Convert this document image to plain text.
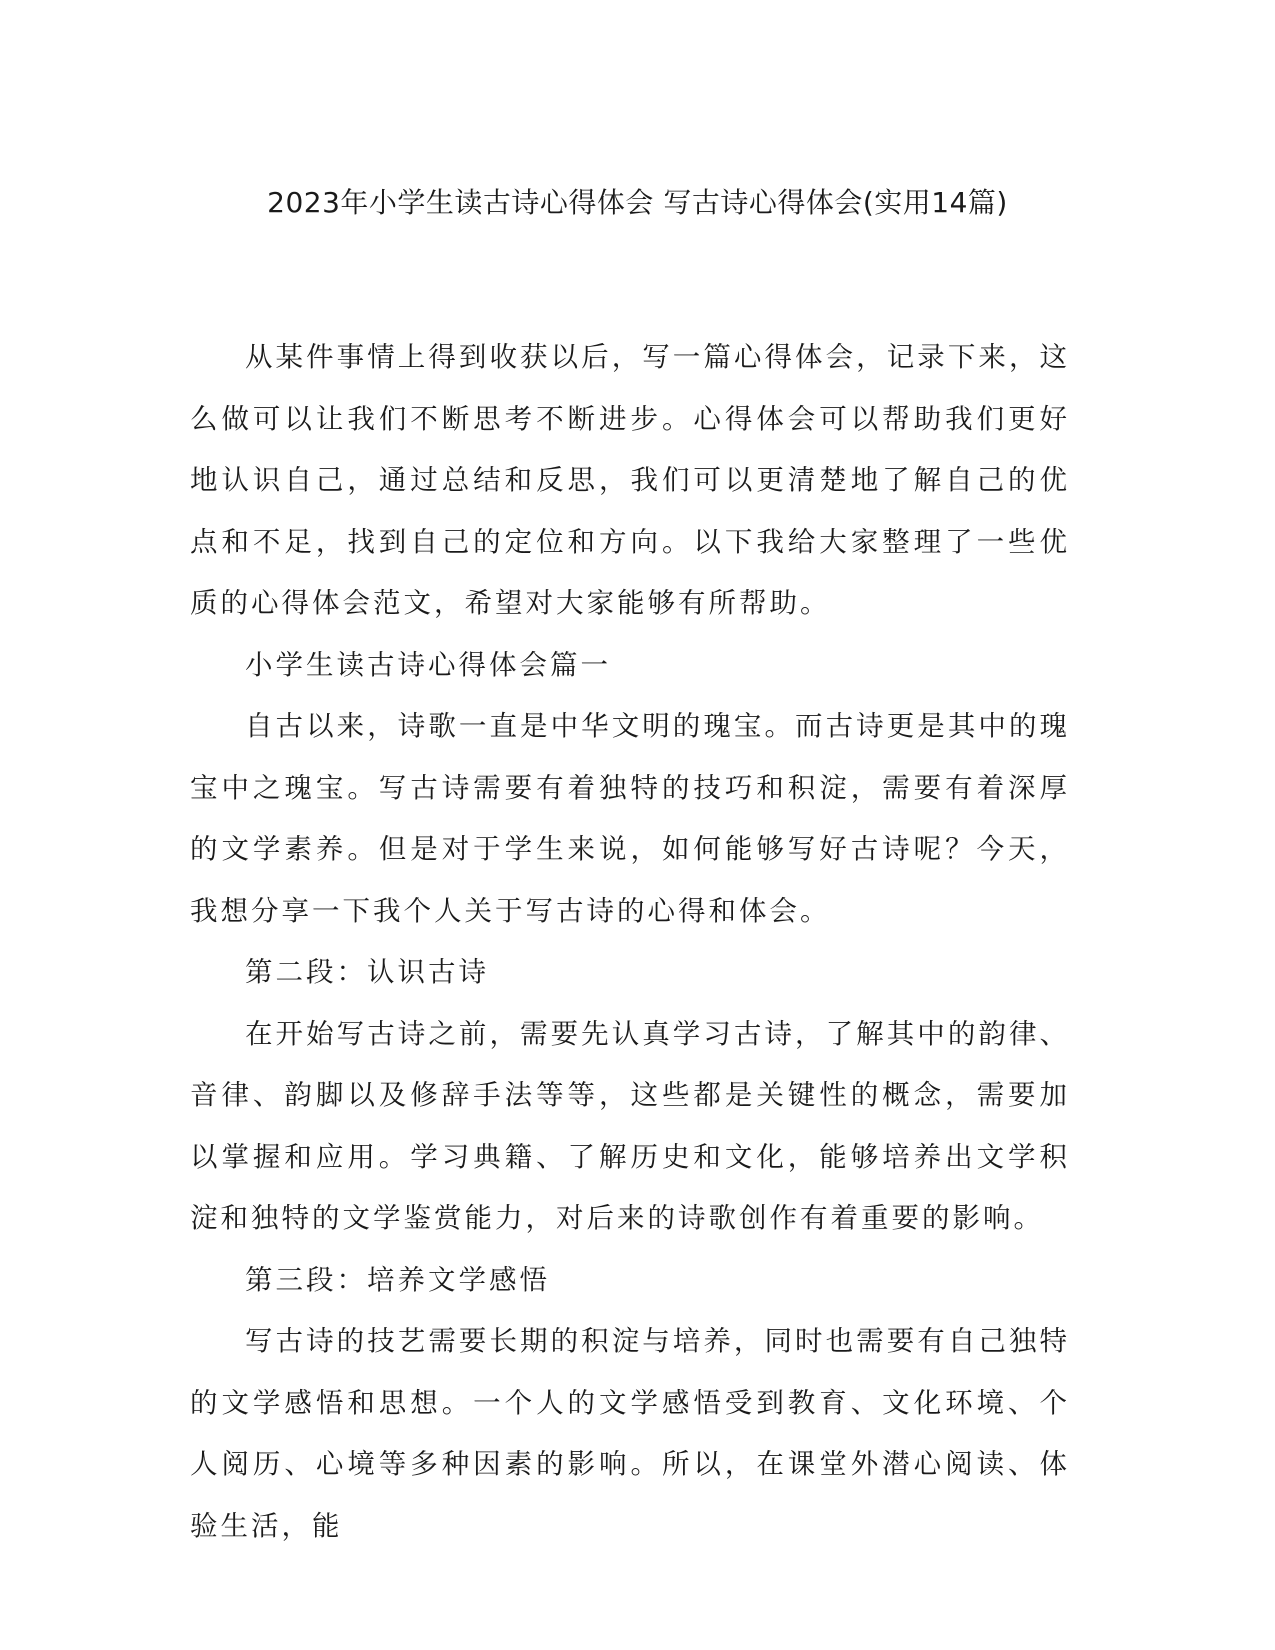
2023年小学生读古诗心得体会 写古诗心得体会(实用14篇)

从某件事情上得到收获以后，写一篇心得体会，记录下来，这么做可以让我们不断思考不断进步。心得体会可以帮助我们更好地认识自己，通过总结和反思，我们可以更清楚地了解自己的优点和不足，找到自己的定位和方向。以下我给大家整理了一些优质的心得体会范文，希望对大家能够有所帮助。

小学生读古诗心得体会篇一

自古以来，诗歌一直是中华文明的瑰宝。而古诗更是其中的瑰宝中之瑰宝。写古诗需要有着独特的技巧和积淀，需要有着深厚的文学素养。但是对于学生来说，如何能够写好古诗呢？今天，我想分享一下我个人关于写古诗的心得和体会。

第二段：认识古诗

在开始写古诗之前，需要先认真学习古诗，了解其中的韵律、音律、韵脚以及修辞手法等等，这些都是关键性的概念，需要加以掌握和应用。学习典籍、了解历史和文化，能够培养出文学积淀和独特的文学鉴赏能力，对后来的诗歌创作有着重要的影响。

第三段：培养文学感悟

写古诗的技艺需要长期的积淀与培养，同时也需要有自己独特的文学感悟和思想。一个人的文学感悟受到教育、文化环境、个人阅历、心境等多种因素的影响。所以，在课堂外潜心阅读、体验生活，能
